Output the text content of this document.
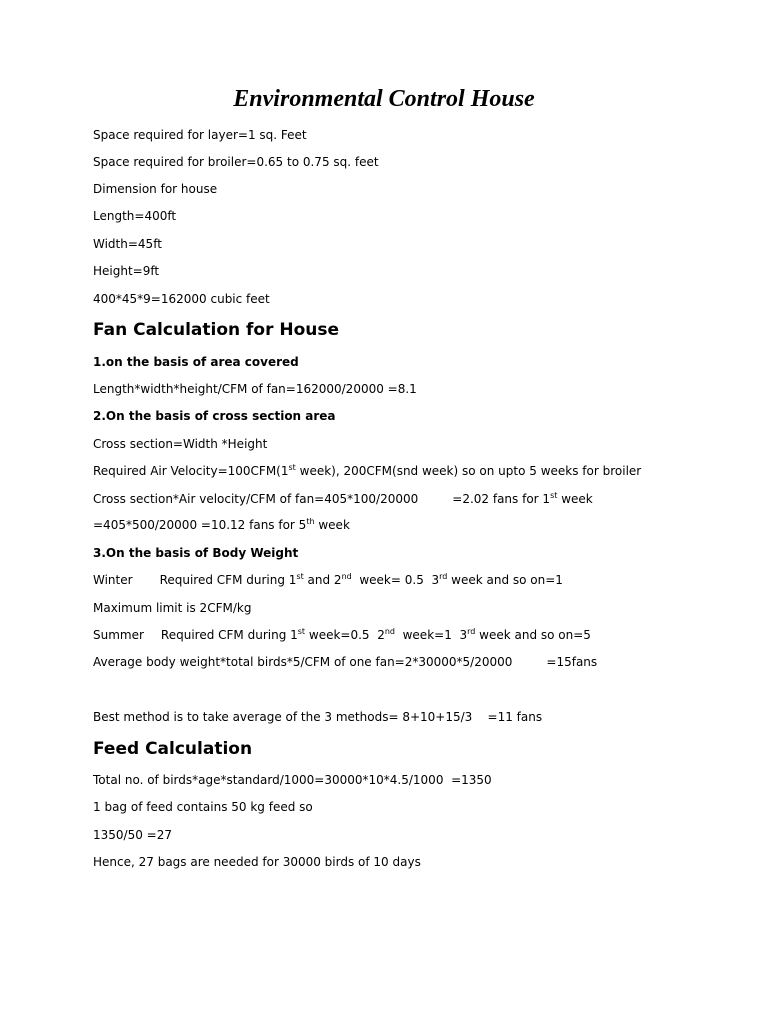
Environmental Control House

Space required for layer=1 sq. Feet

Space required for broiler=0.65 to 0.75 sq. feet

Dimension for house

Length=400ft

Width=45ft

Height=9ft

400*45*9=162000 cubic feet

Fan Calculation for House

1.on the basis of area covered

Length*width*height/CFM of fan=162000/20000 =8.1

2.On the basis of cross section area

Cross section=Width *Height

Required Air Velocity=100CFM(1st week), 200CFM(snd week) so on upto 5 weeks for broiler

Cross section*Air velocity/CFM of fan=405*100/20000	=2.02 fans for 1st week

=405*500/20000 =10.12 fans for 5th week

3.On the basis of Body Weight

Winter Required CFM during 1st and 2nd  week= 0.5  3rd week and so on=1

Maximum limit is 2CFM/kg

Summer Required CFM during 1st week=0.5  2nd  week=1  3rd week and so on=5

Average body weight*total birds*5/CFM of one fan=2*30000*5/20000	=15fans

Best method is to take average of the 3 methods= 8+10+15/3    =11 fans

Feed Calculation

Total no. of birds*age*standard/1000=30000*10*4.5/1000  =1350

1 bag of feed contains 50 kg feed so

1350/50 =27

Hence, 27 bags are needed for 30000 birds of 10 days
